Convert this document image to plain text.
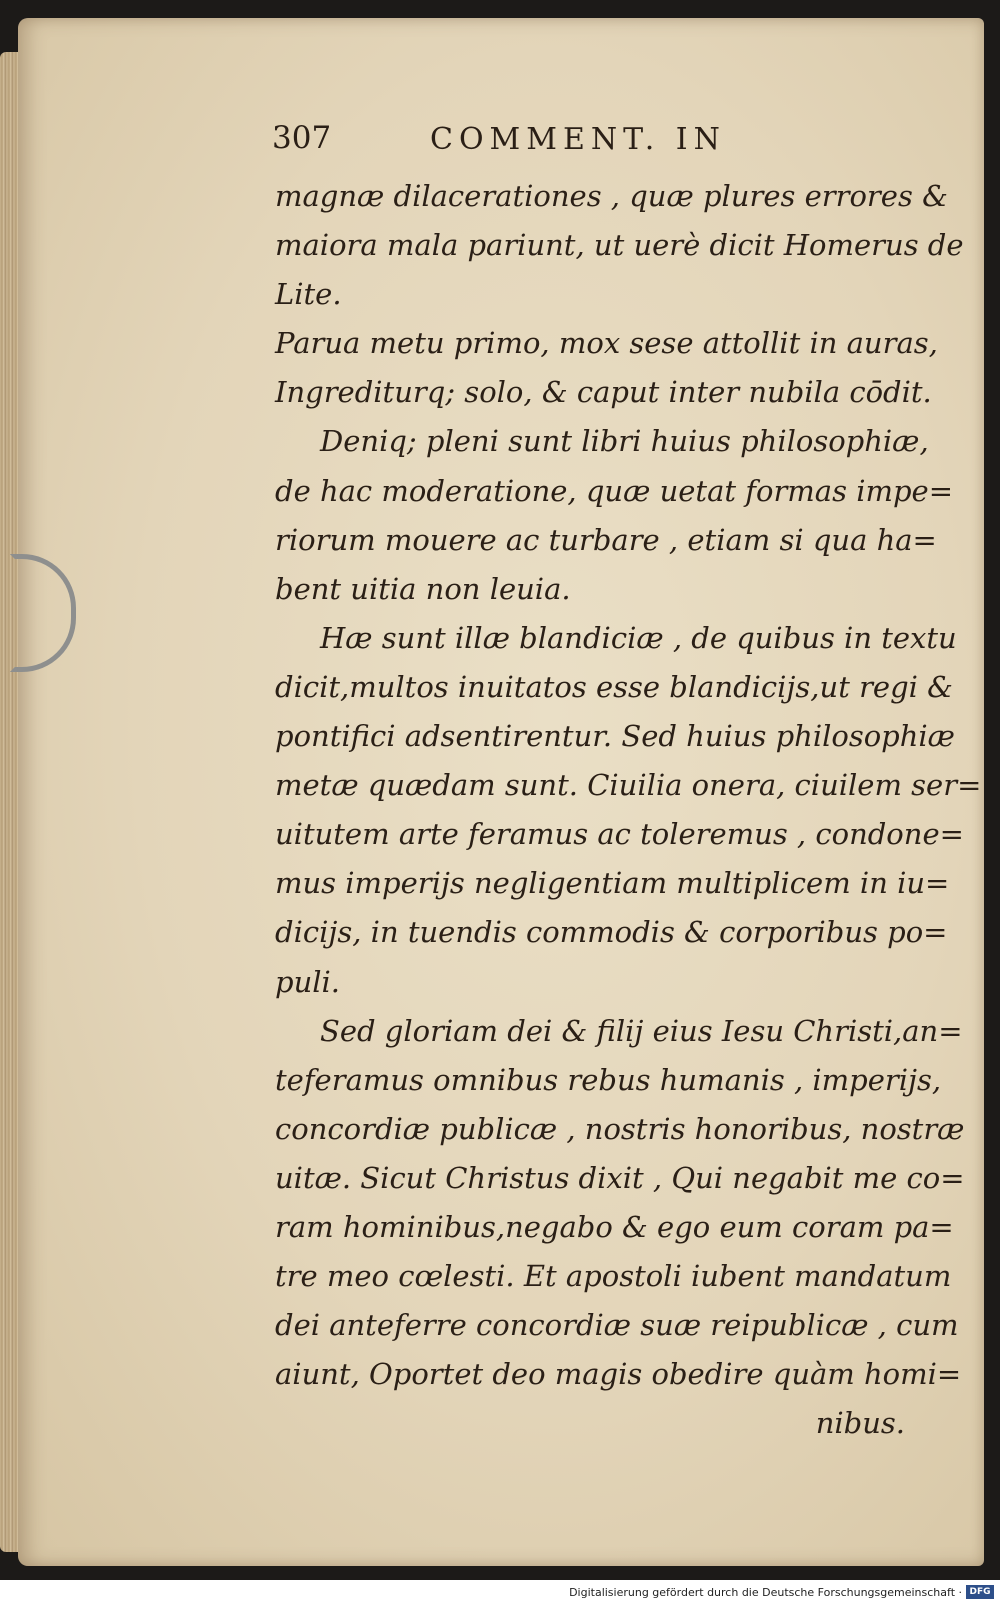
307	COMMENT. IN
magnæ dilacerationes , quæ plures errores &
maiora mala pariunt, ut uerè dicit Homerus de
Lite.
Parua metu primo, mox sese attollit in auras,
Ingrediturq; solo, & caput inter nubila cōdit.
Deniq; pleni sunt libri huius philosophiæ,
de hac moderatione, quæ uetat formas impe=
riorum mouere ac turbare , etiam si qua ha=
bent uitia non leuia.
Hæ sunt illæ blandiciæ , de quibus in textu
dicit,multos inuitatos esse blandicijs,ut regi &
pontifici adsentirentur. Sed huius philosophiæ
metæ quædam sunt. Ciuilia onera, ciuilem ser=
uitutem arte feramus ac toleremus , condone=
mus imperijs negligentiam multiplicem in iu=
dicijs, in tuendis commodis & corporibus po=
puli.
Sed gloriam dei & filij eius Iesu Christi,an=
teferamus omnibus rebus humanis , imperijs,
concordiæ publicæ , nostris honoribus, nostræ
uitæ. Sicut Christus dixit , Qui negabit me co=
ram hominibus,negabo & ego eum coram pa=
tre meo cœlesti. Et apostoli iubent mandatum
dei anteferre concordiæ suæ reipublicæ , cum
aiunt, Oportet deo magis obedire quàm homi=
nibus.
Digitalisierung gefördert durch die Deutsche Forschungsgemeinschaft · DFG
